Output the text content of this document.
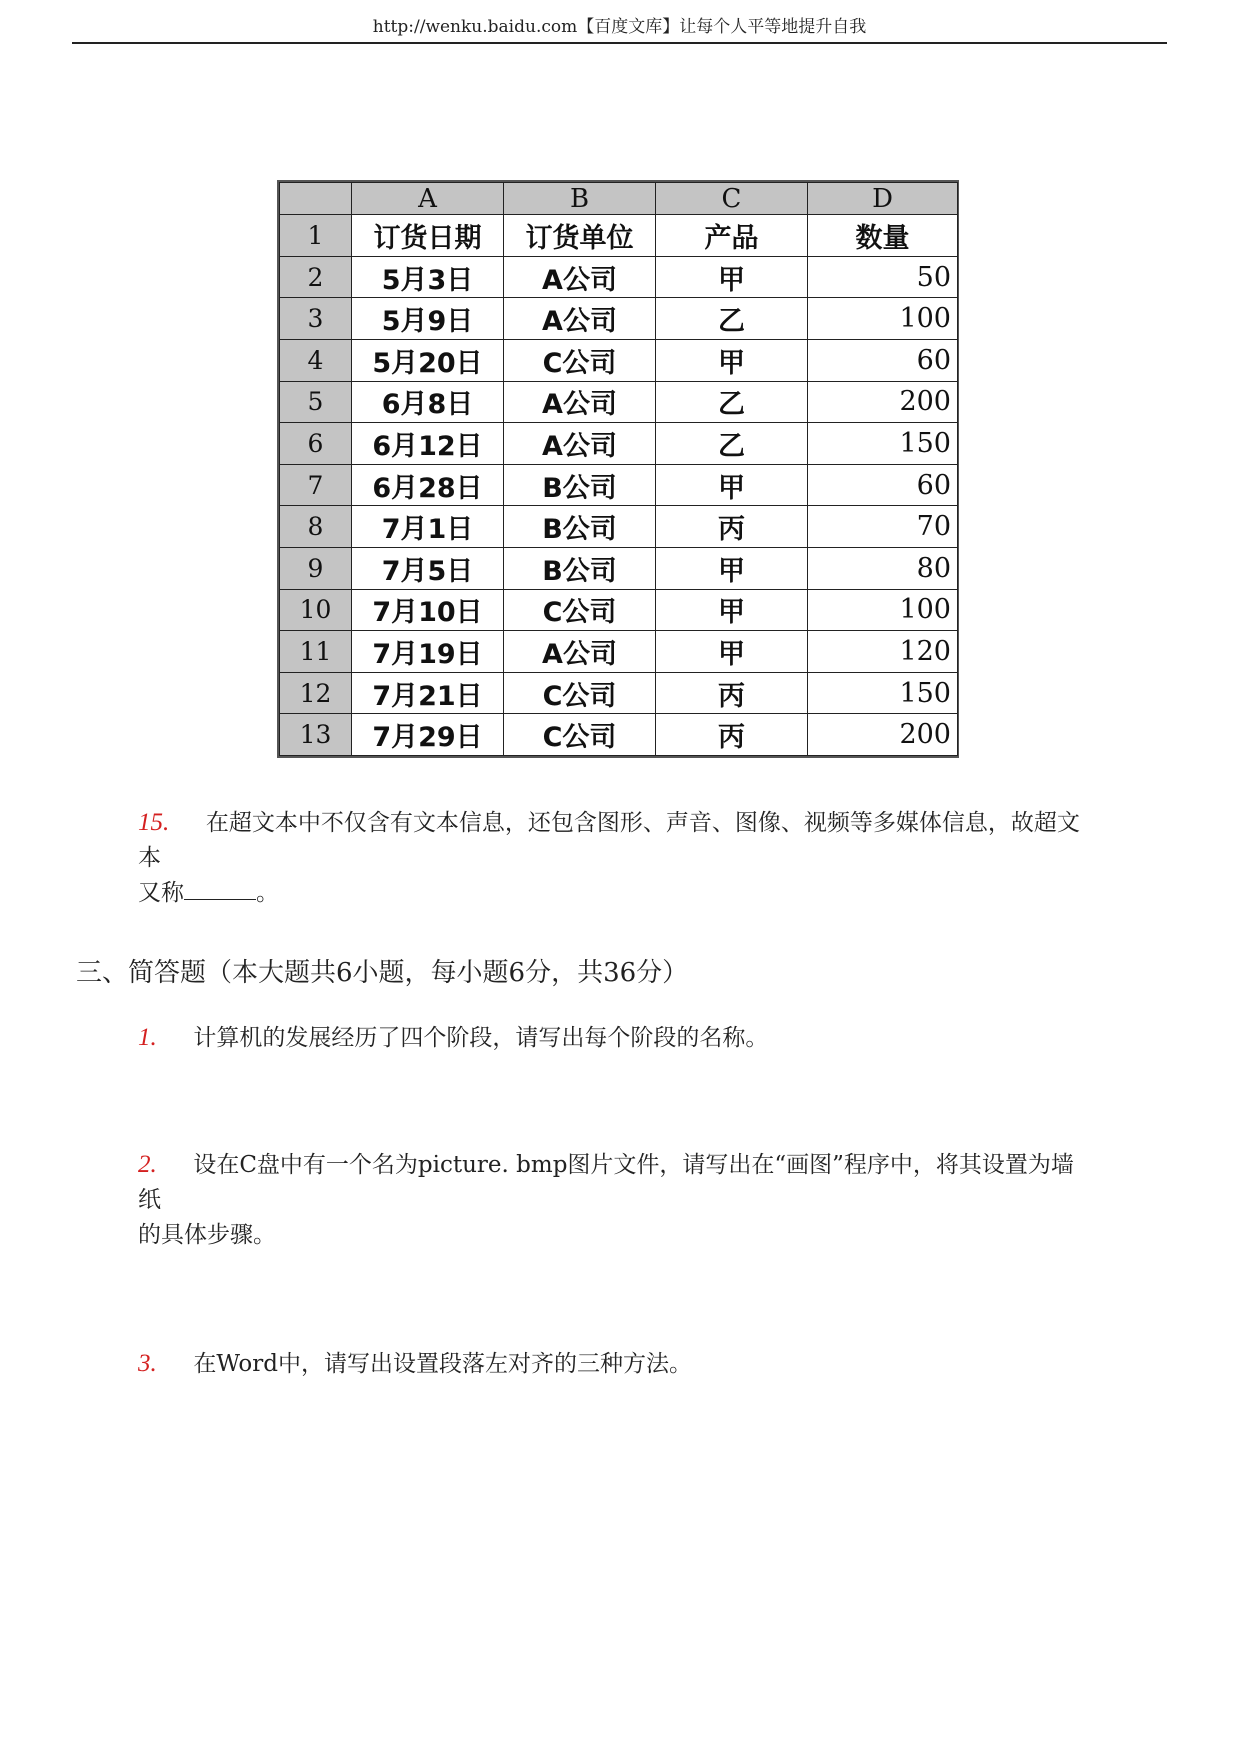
http://wenku.baidu.com【百度文库】让每个人平等地提升自我
	A	B	C	D
1	订货日期	订货单位	产品	数量
2	5月3日	A公司	甲	50
3	5月9日	A公司	乙	100
4	5月20日	C公司	甲	60
5	6月8日	A公司	乙	200
6	6月12日	A公司	乙	150
7	6月28日	B公司	甲	60
8	7月1日	B公司	丙	70
9	7月5日	B公司	甲	80
10	7月10日	C公司	甲	100
11	7月19日	A公司	甲	120
12	7月21日	C公司	丙	150
13	7月29日	C公司	丙	200
15. 在超文本中不仅含有文本信息，还包含图形、声音、图像、视频等多媒体信息，故超文
本
又称	。
三、简答题（本大题共6小题，每小题6分，共36分）
1. 计算机的发展经历了四个阶段，请写出每个阶段的名称。
2. 设在C盘中有一个名为picture. bmp图片文件，请写出在“画图”程序中，将其设置为墙
纸
的具体步骤。
3. 在Word中，请写出设置段落左对齐的三种方法。
